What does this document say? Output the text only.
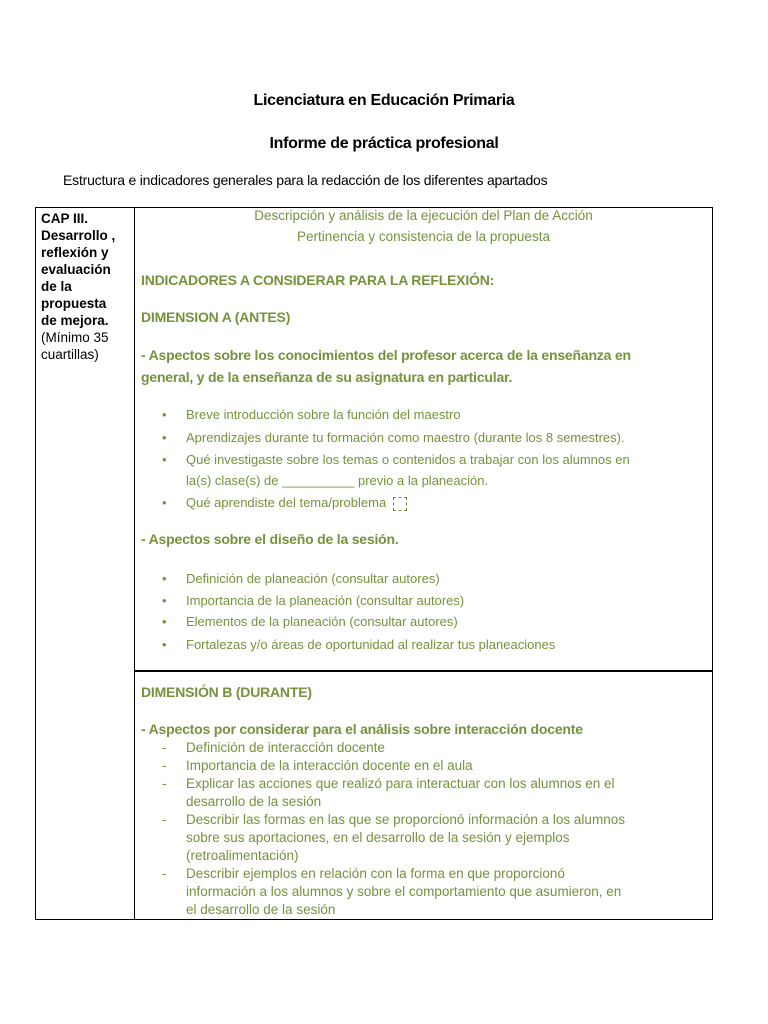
Licenciatura en Educación Primaria
Informe de práctica profesional
Estructura e indicadores generales para la redacción de los diferentes apartados
CAP III.
Desarrollo ,
reflexión y
evaluación
de la
propuesta
de mejora.
(Mínimo 35
cuartillas)
Descripción y análisis de la ejecución del Plan de Acción
Pertinencia y consistencia de la propuesta
INDICADORES A CONSIDERAR PARA LA REFLEXIÓN:
DIMENSION A (ANTES)
- Aspectos sobre los conocimientos del profesor acerca de la enseñanza en
general, y de la enseñanza de su asignatura en particular.
• Breve introducción sobre la función del maestro
• Aprendizajes durante tu formación como maestro (durante los 8 semestres).
• Qué investigaste sobre los temas o contenidos a trabajar con los alumnos en
la(s) clase(s) de __________ previo a la planeación.
• Qué aprendiste del tema/problema
- Aspectos sobre el diseño de la sesión.
• Definición de planeación (consultar autores)
• Importancia de la planeación (consultar autores)
• Elementos de la planeación (consultar autores)
• Fortalezas y/o áreas de oportunidad al realizar tus planeaciones
DIMENSIÓN B (DURANTE)
- Aspectos por considerar para el análisis sobre interacción docente
- Definición de interacción docente
- Importancia de la interacción docente en el aula
- Explicar las acciones que realizó para interactuar con los alumnos en el
desarrollo de la sesión
- Describir las formas en las que se proporcionó información a los alumnos
sobre sus aportaciones, en el desarrollo de la sesión y ejemplos
(retroalimentación)
- Describir ejemplos en relación con la forma en que proporcionó
información a los alumnos y sobre el comportamiento que asumieron, en
el desarrollo de la sesión
